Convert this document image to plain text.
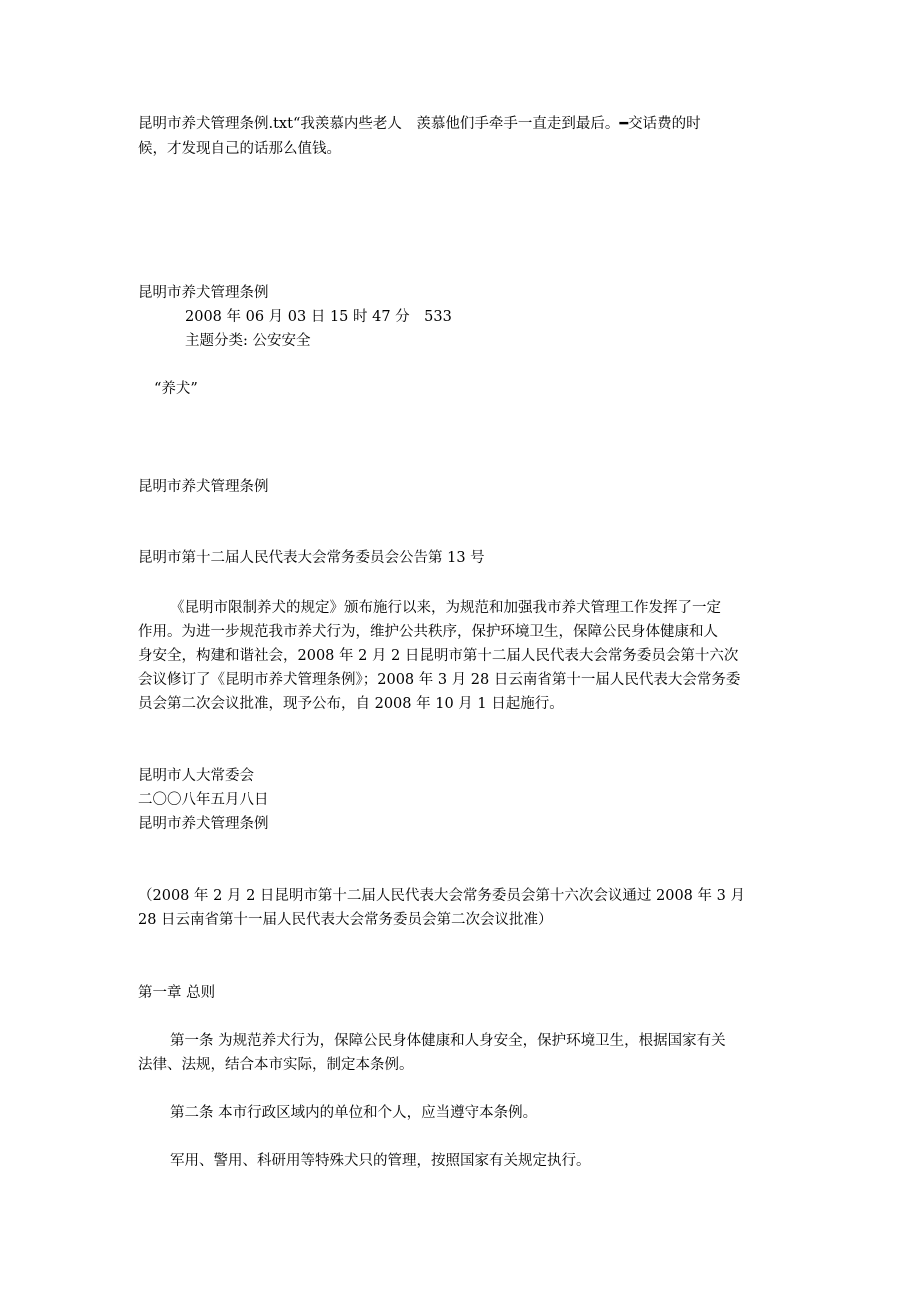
昆明市养犬管理条例.txt“我羡慕内些老人　羡慕他们手牵手一直走到最后。━交话费的时
候，才发现自己的话那么值钱。
昆明市养犬管理条例
2008 年 06 月 03 日 15 时 47 分　533
主题分类: 公安安全
“养犬”
昆明市养犬管理条例
昆明市第十二届人民代表大会常务委员会公告第 13 号
《昆明市限制养犬的规定》颁布施行以来，为规范和加强我市养犬管理工作发挥了一定
作用。为进一步规范我市养犬行为，维护公共秩序，保护环境卫生，保障公民身体健康和人
身安全，构建和谐社会，2008 年 2 月 2 日昆明市第十二届人民代表大会常务委员会第十六次
会议修订了《昆明市养犬管理条例》；2008 年 3 月 28 日云南省第十一届人民代表大会常务委
员会第二次会议批准，现予公布，自 2008 年 10 月 1 日起施行。
昆明市人大常委会
二〇〇八年五月八日
昆明市养犬管理条例
（2008 年 2 月 2 日昆明市第十二届人民代表大会常务委员会第十六次会议通过 2008 年 3 月
28 日云南省第十一届人民代表大会常务委员会第二次会议批准）
第一章 总则
第一条 为规范养犬行为，保障公民身体健康和人身安全，保护环境卫生，根据国家有关
法律、法规，结合本市实际，制定本条例。
第二条 本市行政区域内的单位和个人，应当遵守本条例。
军用、警用、科研用等特殊犬只的管理，按照国家有关规定执行。
